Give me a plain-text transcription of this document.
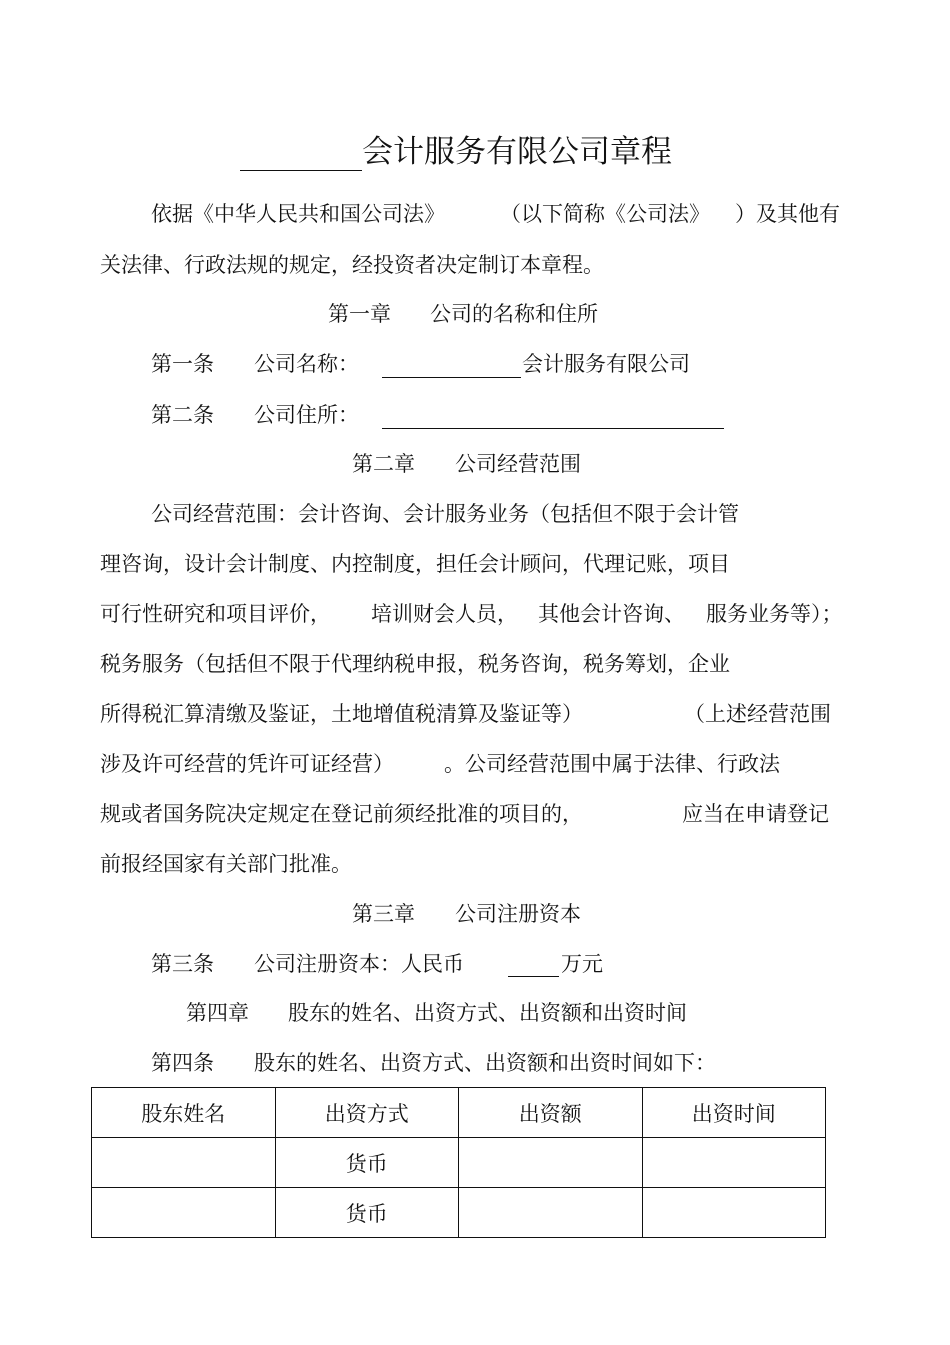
会计服务有限公司章程
依据《中华人民共和国公司法》	（以下简称《公司法》 ）及其他有
关法律、行政法规的规定，经投资者决定制订本章程。
第一章 公司的名称和住所
第一条 公司名称：	会计服务有限公司
第二条 公司住所：
第二章 公司经营范围
公司经营范围：会计咨询、会计服务业务（包括但不限于会计管
理咨询，设计会计制度、内控制度，担任会计顾问，代理记账，项目
可行性研究和项目评价， 培训财会人员， 其他会计咨询、 服务业务等）；
税务服务（包括但不限于代理纳税申报，税务咨询，税务筹划，企业
所得税汇算清缴及鉴证，土地增值税清算及鉴证等）	（上述经营范围
涉及许可经营的凭许可证经营） 。公司经营范围中属于法律、行政法
规或者国务院决定规定在登记前须经批准的项目的，	应当在申请登记
前报经国家有关部门批准。
第三章 公司注册资本
第三条 公司注册资本：人民币	万元
第四章 股东的姓名、出资方式、出资额和出资时间
第四条 股东的姓名、出资方式、出资额和出资时间如下：
股东姓名	出资方式	出资额	出资时间
	货币		
	货币		
